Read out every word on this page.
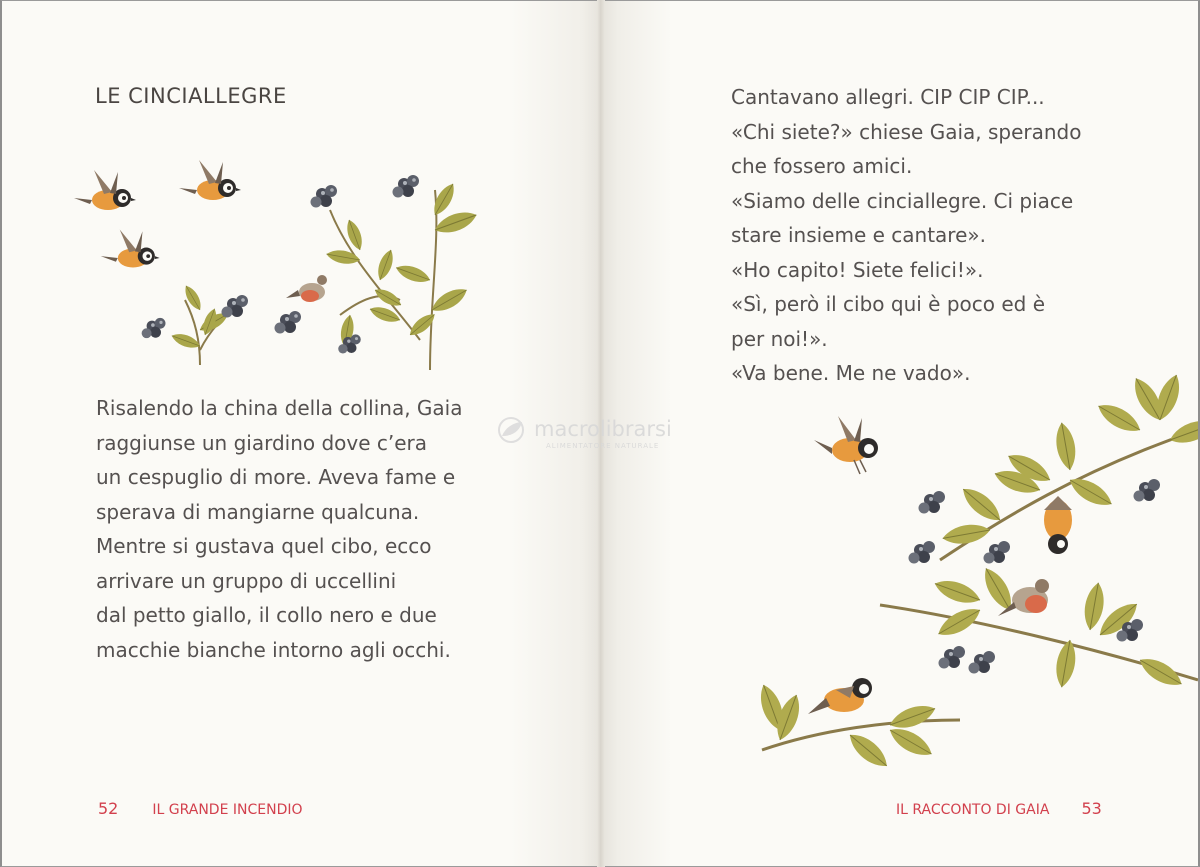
LE CINCIALLEGRE
Risalendo la china della collina, Gaia
raggiunse un giardino dove c’era
un cespuglio di more. Aveva fame e
sperava di mangiarne qualcuna.
Mentre si gustava quel cibo, ecco
arrivare un gruppo di uccellini
dal petto giallo, il collo nero e due
macchie bianche intorno agli occhi.
52 IL GRANDE INCENDIO
macrolibrarsi
ALIMENTATORE NATURALE
Cantavano allegri. CIP CIP CIP...
«Chi siete?» chiese Gaia, sperando
che fossero amici.
«Siamo delle cinciallegre. Ci piace
stare insieme e cantare».
«Ho capito! Siete felici!».
«Sì, però il cibo qui è poco ed è
per noi!».
«Va bene. Me ne vado».
IL RACCONTO DI GAIA 53
